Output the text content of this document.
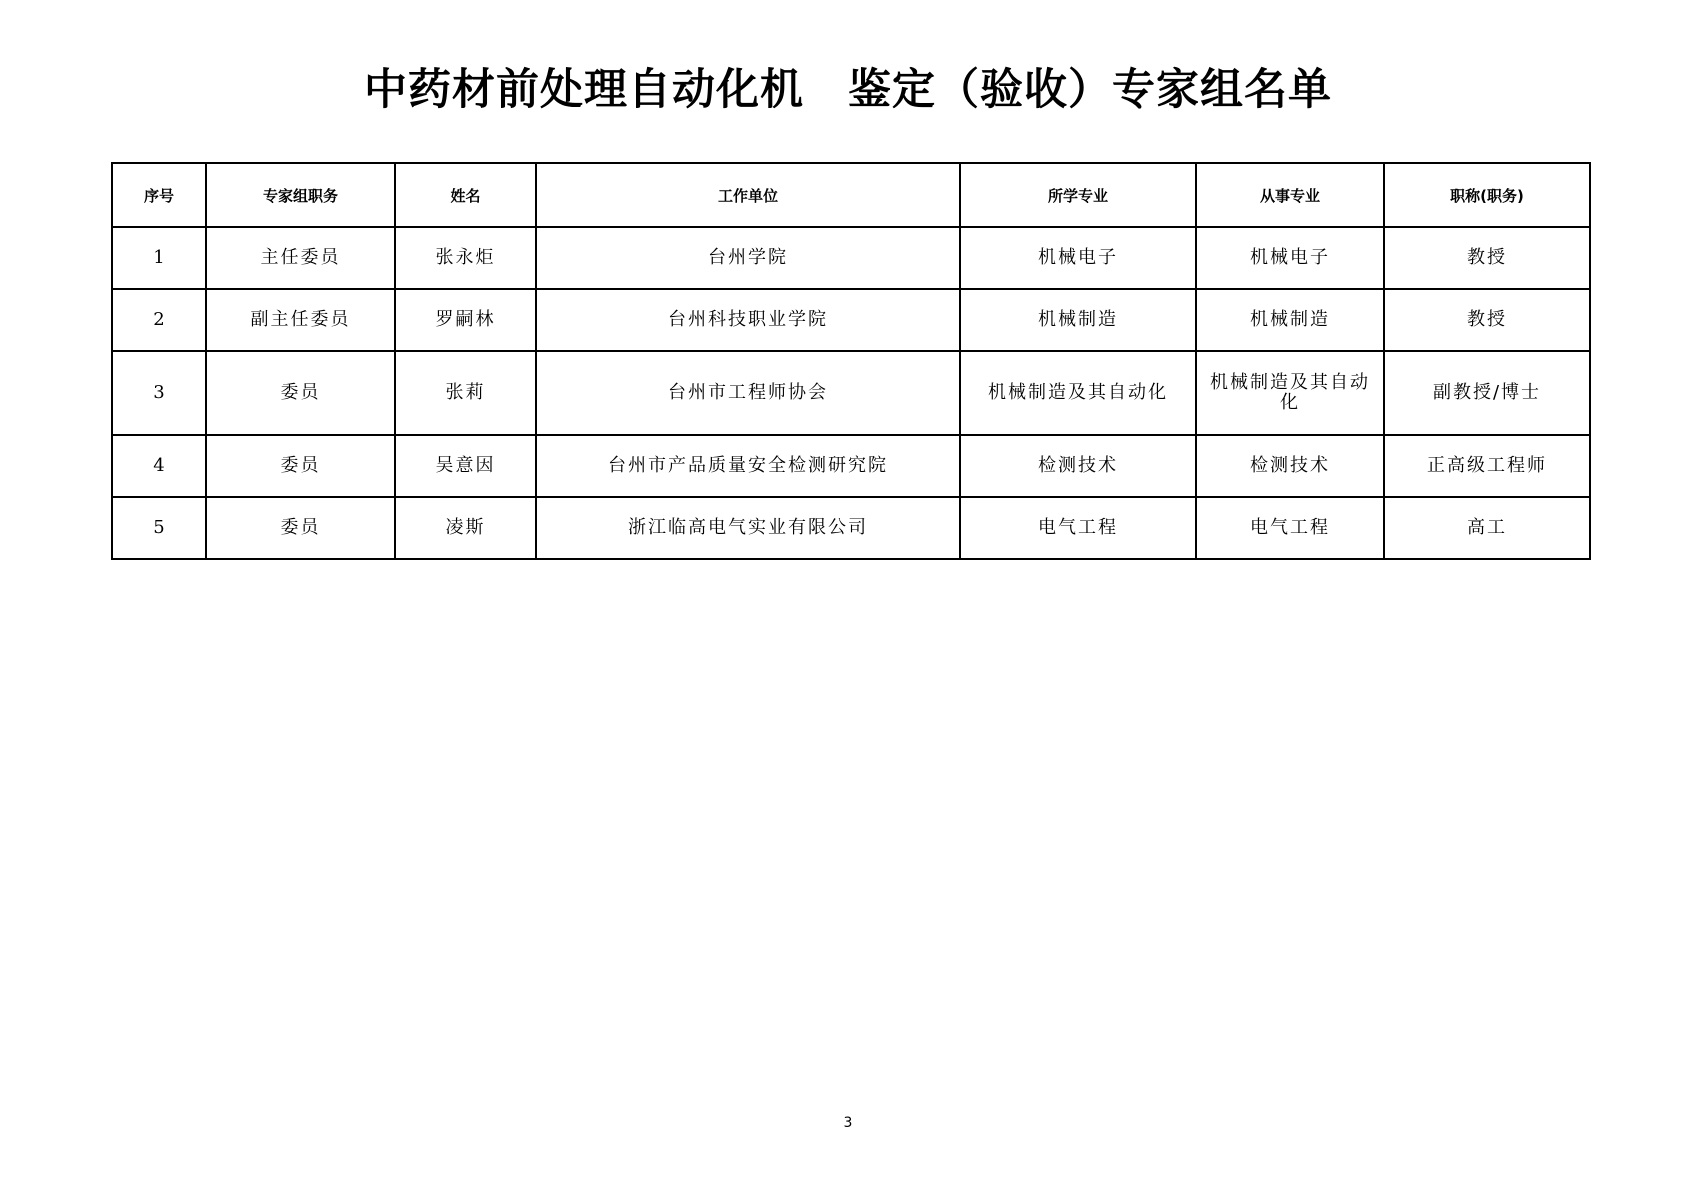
中药材前处理自动化机　鉴定（验收）专家组名单
序号	专家组职务	姓名	工作单位	所学专业	从事专业	职称(职务)
1	主任委员	张永炬	台州学院	机械电子	机械电子	教授
2	副主任委员	罗嗣林	台州科技职业学院	机械制造	机械制造	教授
3	委员	张莉	台州市工程师协会	机械制造及其自动化	机械制造及其自动化	副教授/博士
4	委员	吴意因	台州市产品质量安全检测研究院	检测技术	检测技术	正高级工程师
5	委员	凌斯	浙江临高电气实业有限公司	电气工程	电气工程	高工
3
